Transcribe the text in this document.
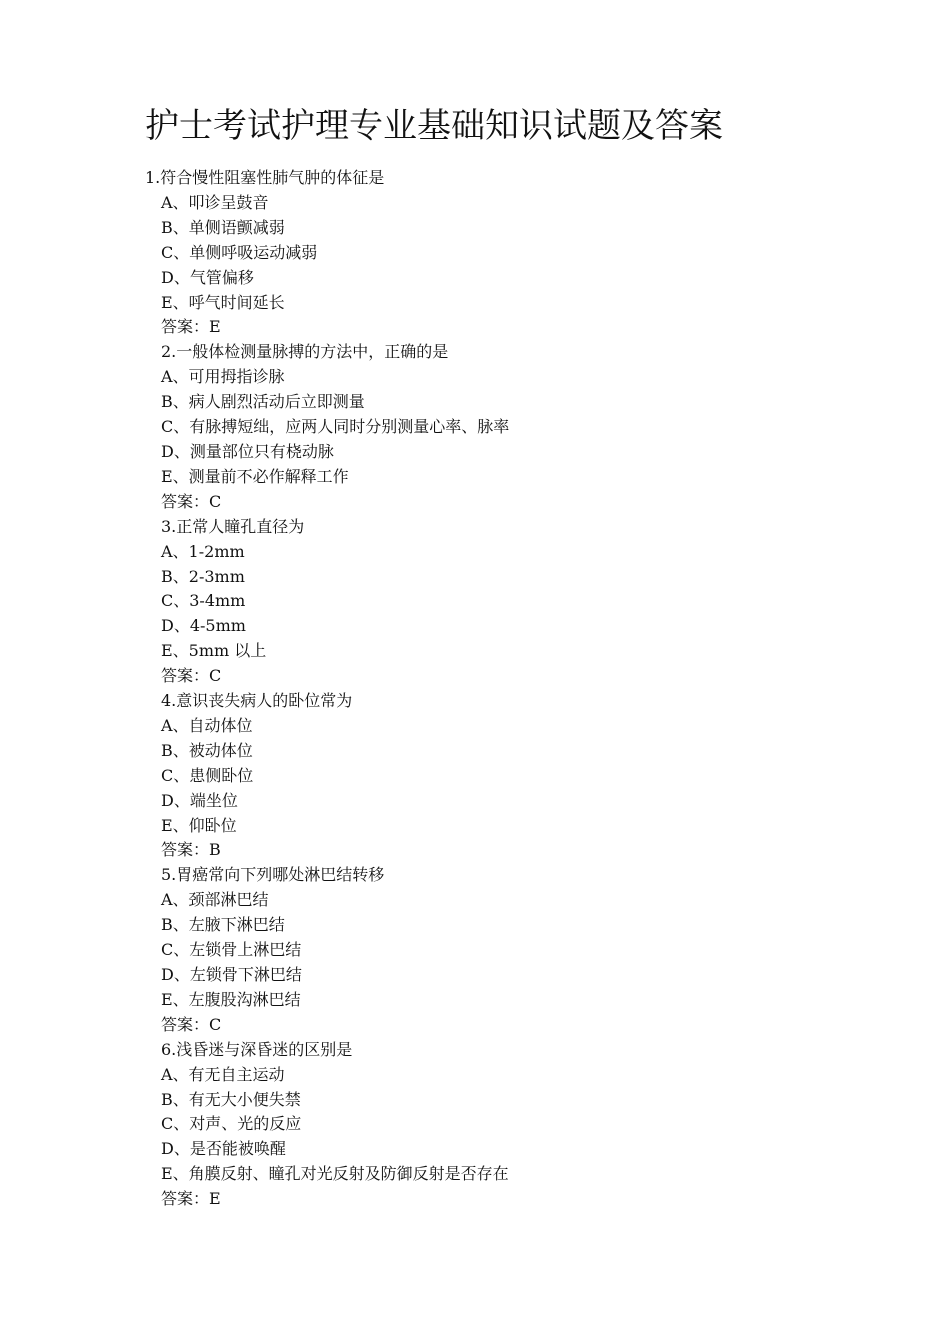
护士考试护理专业基础知识试题及答案
1.符合慢性阻塞性肺气肿的体征是
A、叩诊呈鼓音
B、单侧语颤减弱
C、单侧呼吸运动减弱
D、气管偏移
E、呼气时间延长
答案：E
2.一般体检测量脉搏的方法中，正确的是
A、可用拇指诊脉
B、病人剧烈活动后立即测量
C、有脉搏短绌，应两人同时分别测量心率、脉率
D、测量部位只有桡动脉
E、测量前不必作解释工作
答案：C
3.正常人瞳孔直径为
A、1-2mm
B、2-3mm
C、3-4mm
D、4-5mm
E、5mm 以上
答案：C
4.意识丧失病人的卧位常为
A、自动体位
B、被动体位
C、患侧卧位
D、端坐位
E、仰卧位
答案：B
5.胃癌常向下列哪处淋巴结转移
A、颈部淋巴结
B、左腋下淋巴结
C、左锁骨上淋巴结
D、左锁骨下淋巴结
E、左腹股沟淋巴结
答案：C
6.浅昏迷与深昏迷的区别是
A、有无自主运动
B、有无大小便失禁
C、对声、光的反应
D、是否能被唤醒
E、角膜反射、瞳孔对光反射及防御反射是否存在
答案：E
